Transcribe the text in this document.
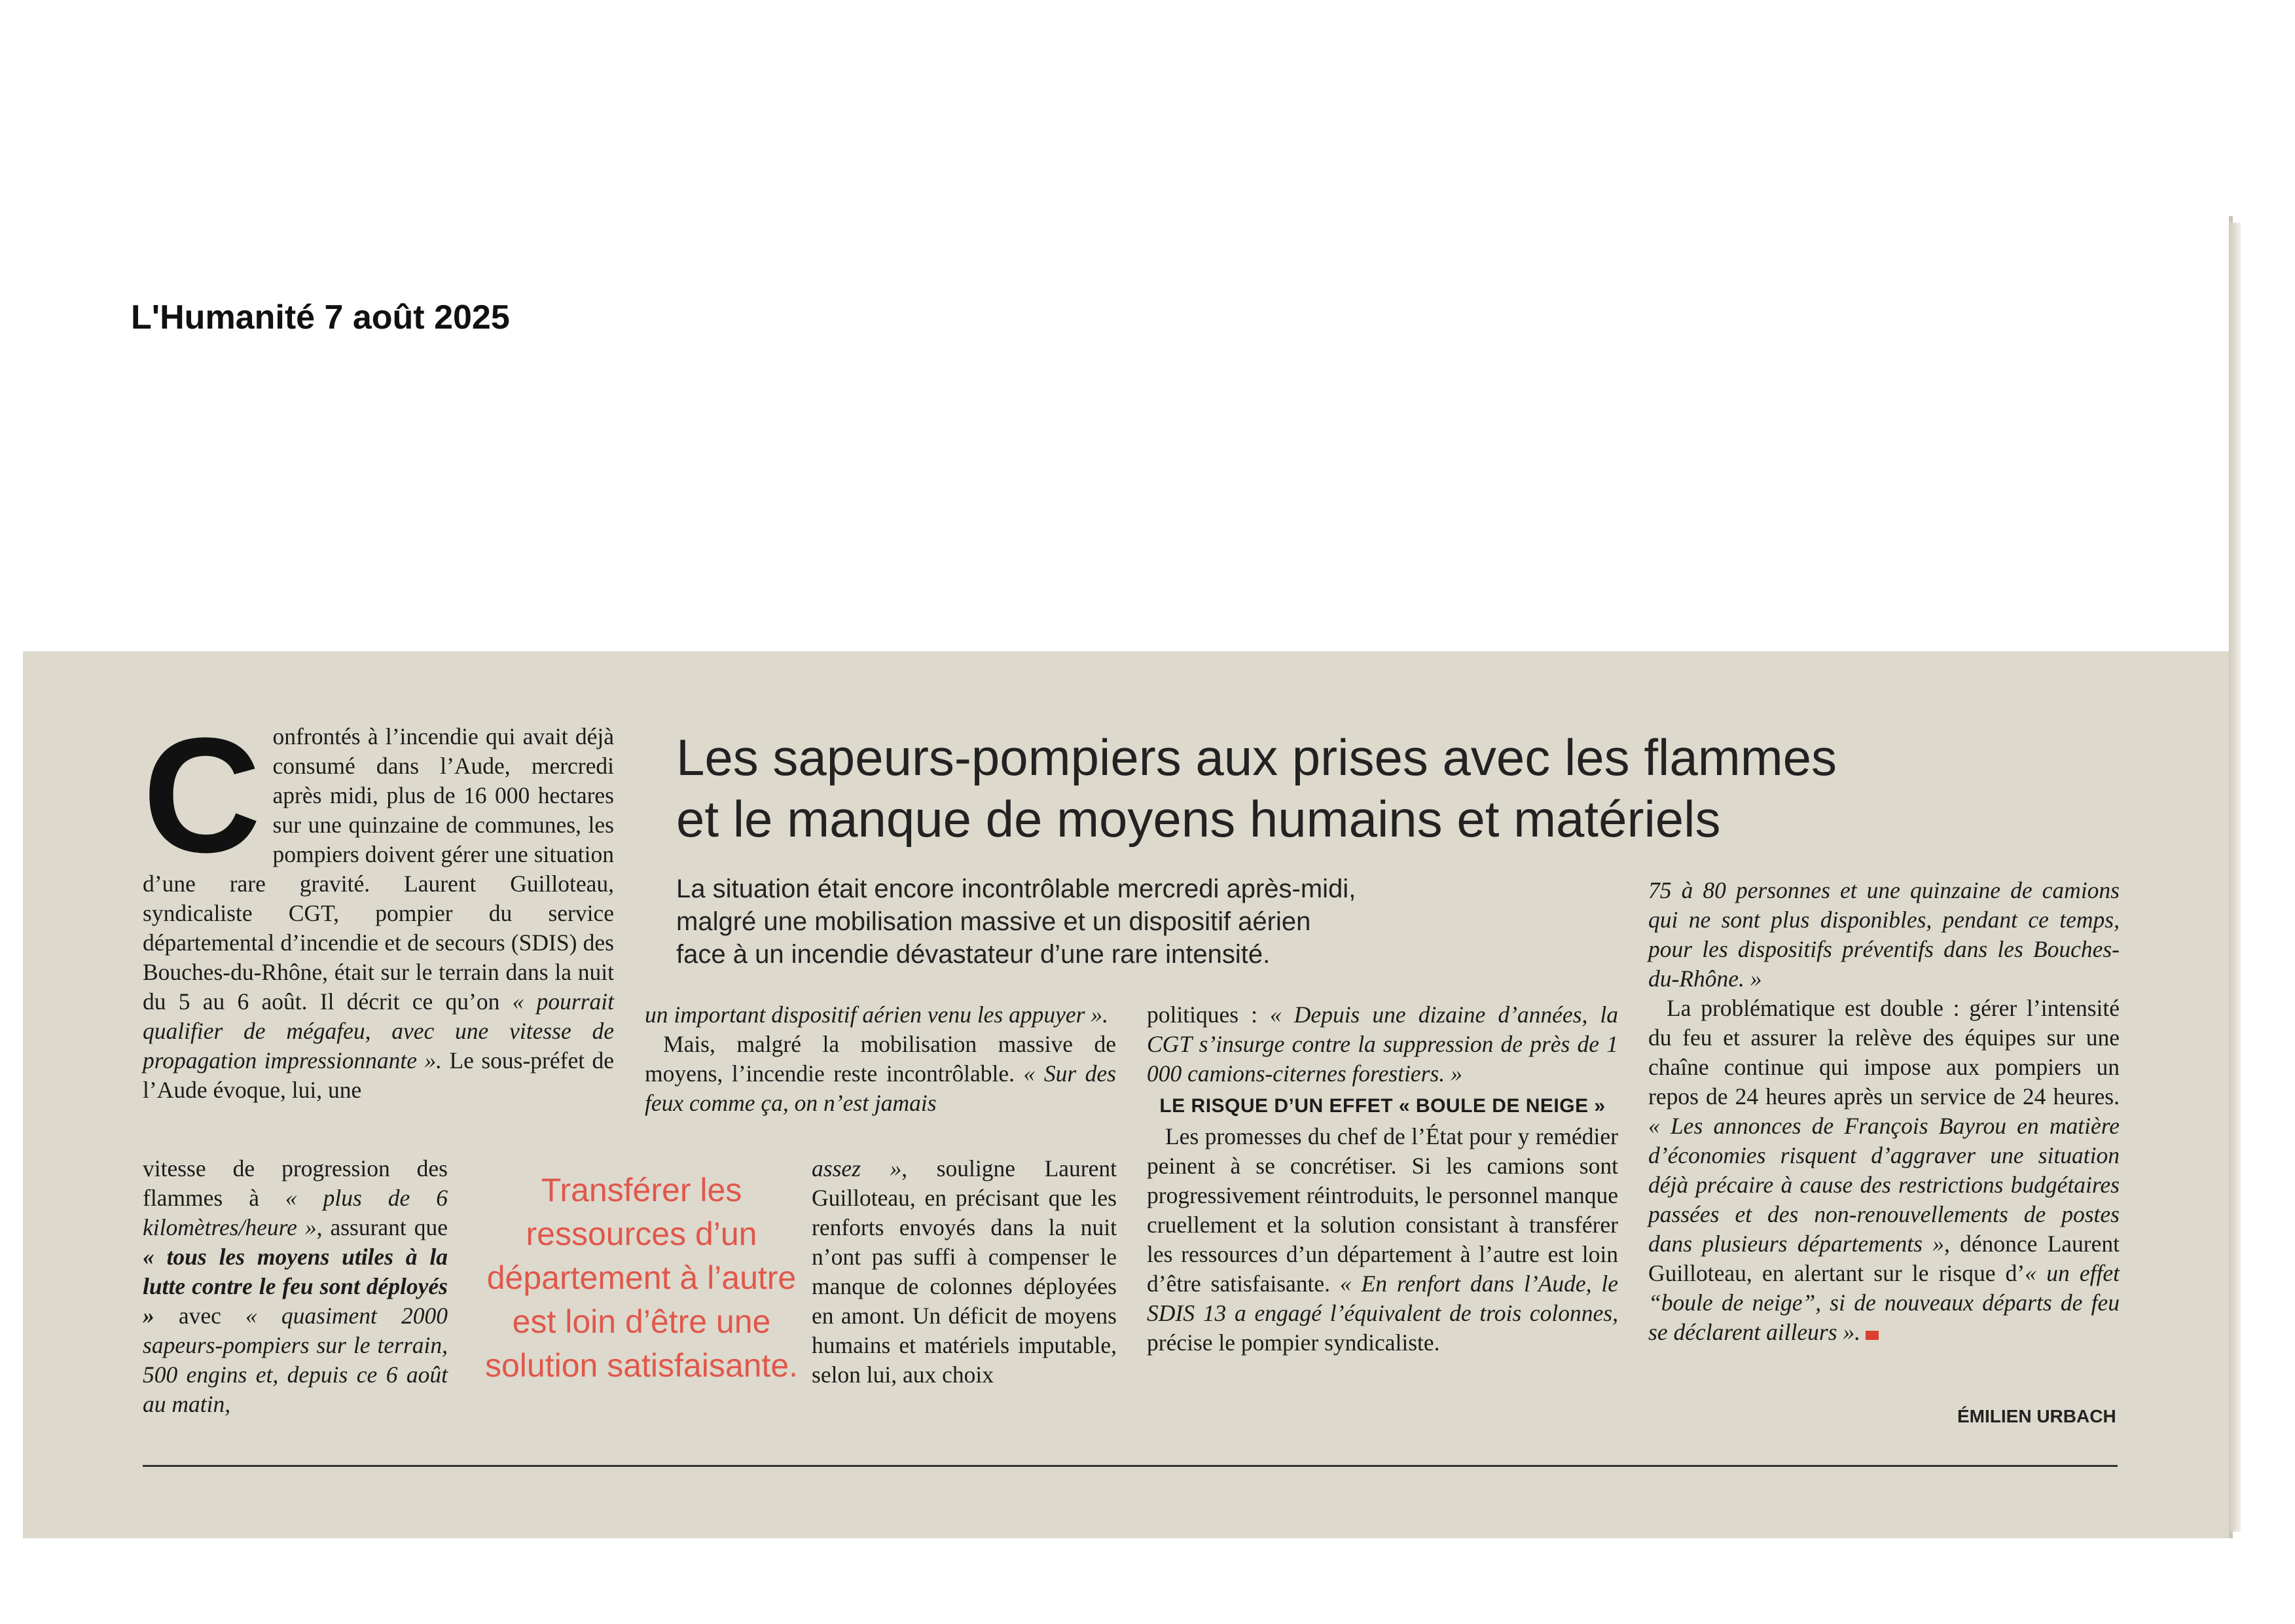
L'Humanité 7 août 2025
Les sapeurs-pompiers aux prises avec les flammes
et le manque de moyens humains et matériels
La situation était encore incontrôlable mercredi après-midi,
malgré une mobilisation massive et un dispositif aérien
face à un incendie dévastateur d’une rare intensité.

Confrontés à l’incendie qui avait déjà consumé dans l’Aude, mercredi après midi, plus de 16 000 hectares sur une quinzaine de communes, les pompiers doivent gérer une situation d’une rare gravité. Laurent Guilloteau, syndicaliste CGT, pompier du service départemental d’incendie et de secours (SDIS) des Bouches-du-Rhône, était sur le terrain dans la nuit du 5 au 6 août. Il décrit ce qu’on « pourrait qualifier de mégafeu, avec une vitesse de propagation impressionnante ». Le sous-préfet de l’Aude évoque, lui, une

vitesse de progression des flammes à « plus de 6 kilomètres/heure », assurant que « tous les moyens utiles à la lutte contre le feu sont déployés » avec « quasiment 2000 sapeurs-pompiers sur le terrain, 500 engins et, depuis ce 6 août au matin,

Transférer les ressources d’un département à l’autre est loin d’être une solution satisfaisante.

un important dispositif aérien venu les appuyer ».

Mais, malgré la mobilisation massive de moyens, l’incendie reste incontrôlable. « Sur des feux comme ça, on n’est jamais

assez », souligne Laurent Guilloteau, en précisant que les renforts envoyés dans la nuit n’ont pas suffi à compenser le manque de colonnes déployées en amont. Un déficit de moyens humains et matériels imputable, selon lui, aux choix

politiques : « Depuis une dizaine d’années, la CGT s’insurge contre la suppression de près de 1 000 camions-citernes forestiers. »

LE RISQUE D’UN EFFET « BOULE DE NEIGE »

Les promesses du chef de l’État pour y remédier peinent à se concrétiser. Si les camions sont progressivement réintroduits, le personnel manque cruellement et la solution consistant à transférer les ressources d’un département à l’autre est loin d’être satisfaisante. « En renfort dans l’Aude, le SDIS 13 a engagé l’équivalent de trois colonnes, précise le pompier syndicaliste.

75 à 80 personnes et une quinzaine de camions qui ne sont plus disponibles, pendant ce temps, pour les dispositifs préventifs dans les Bouches-du-Rhône. »

La problématique est double : gérer l’intensité du feu et assurer la relève des équipes sur une chaîne continue qui impose aux pompiers un repos de 24 heures après un service de 24 heures. « Les annonces de François Bayrou en matière d’économies risquent d’aggraver une situation déjà précaire à cause des restrictions budgétaires passées et des non-renouvellements de postes dans plusieurs départements », dénonce Laurent Guilloteau, en alertant sur le risque d’« un effet “boule de neige”, si de nouveaux départs de feu se déclarent ailleurs ».

ÉMILIEN URBACH
